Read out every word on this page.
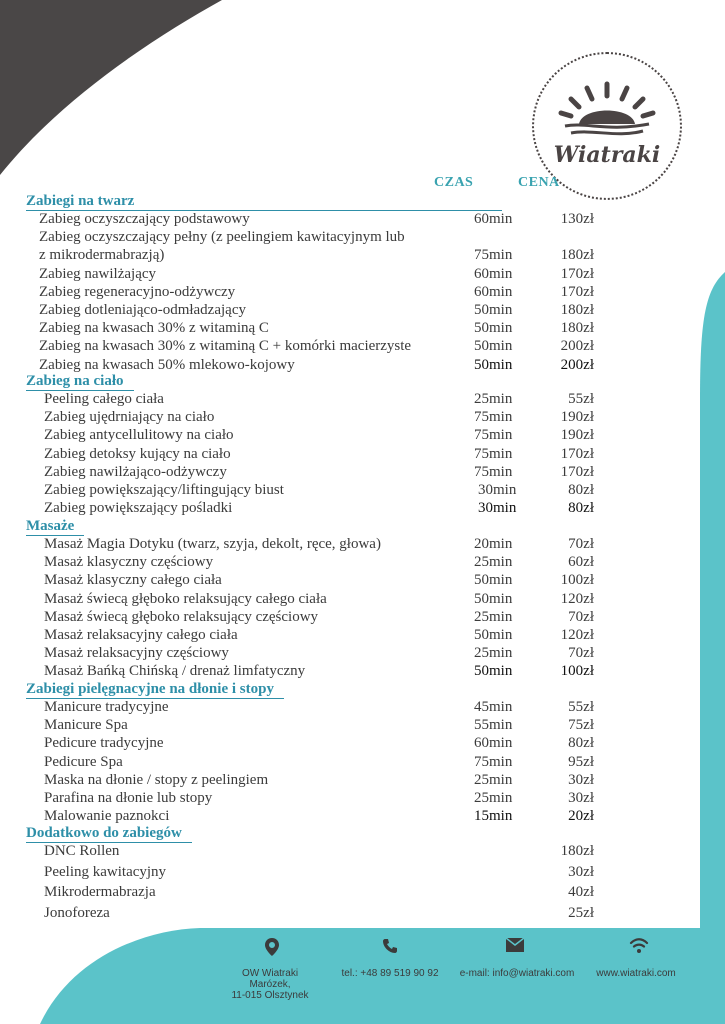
Wiatraki
CZAS	CENA
Zabiegi na twarz
Zabieg oczyszczający podstawowy	60min	130zł
Zabieg oczyszczający pełny (z peelingiem kawitacyjnym lub
z mikrodermabrazją)	75min	180zł
Zabieg nawilżający	60min	170zł
Zabieg regeneracyjno-odżywczy	60min	170zł
Zabieg dotleniająco-odmładzający	50min	180zł
Zabieg na kwasach 30% z witaminą C	50min	180zł
Zabieg na kwasach 30% z witaminą C + komórki macierzyste	50min	200zł
Zabieg na kwasach 50% mlekowo-kojowy	50min	200zł
Zabieg na ciało
Peeling całego ciała	25min	55zł
Zabieg ujędrniający na ciało	75min	190zł
Zabieg antycellulitowy na ciało	75min	190zł
Zabieg detoksy kujący na ciało	75min	170zł
Zabieg nawilżająco-odżywczy	75min	170zł
Zabieg powiększający/liftingujący biust	30min	80zł
Zabieg powiększający pośladki	30min	80zł
Masaże
Masaż Magia Dotyku (twarz, szyja, dekolt, ręce, głowa)	20min	70zł
Masaż klasyczny częściowy	25min	60zł
Masaż klasyczny całego ciała	50min	100zł
Masaż świecą głęboko relaksujący całego ciała	50min	120zł
Masaż świecą głęboko relaksujący częściowy	25min	70zł
Masaż relaksacyjny całego ciała	50min	120zł
Masaż relaksacyjny częściowy	25min	70zł
Masaż Bańką Chińską / drenaż limfatyczny	50min	100zł
Zabiegi pielęgnacyjne na dłonie i stopy
Manicure tradycyjne	45min	55zł
Manicure Spa	55min	75zł
Pedicure tradycyjne	60min	80zł
Pedicure Spa	75min	95zł
Maska na dłonie / stopy z peelingiem	25min	30zł
Parafina na dłonie lub stopy	25min	30zł
Malowanie paznokci	15min	20zł
Dodatkowo do zabiegów
DNC Rollen	180zł
Peeling kawitacyjny	30zł
Mikrodermabrazja	40zł
Jonoforeza	25zł
OW Wiatraki
Marózek,
11-015 Olsztynek
tel.: +48 89 519 90 92	e-mail: info@wiatraki.com	www.wiatraki.com
